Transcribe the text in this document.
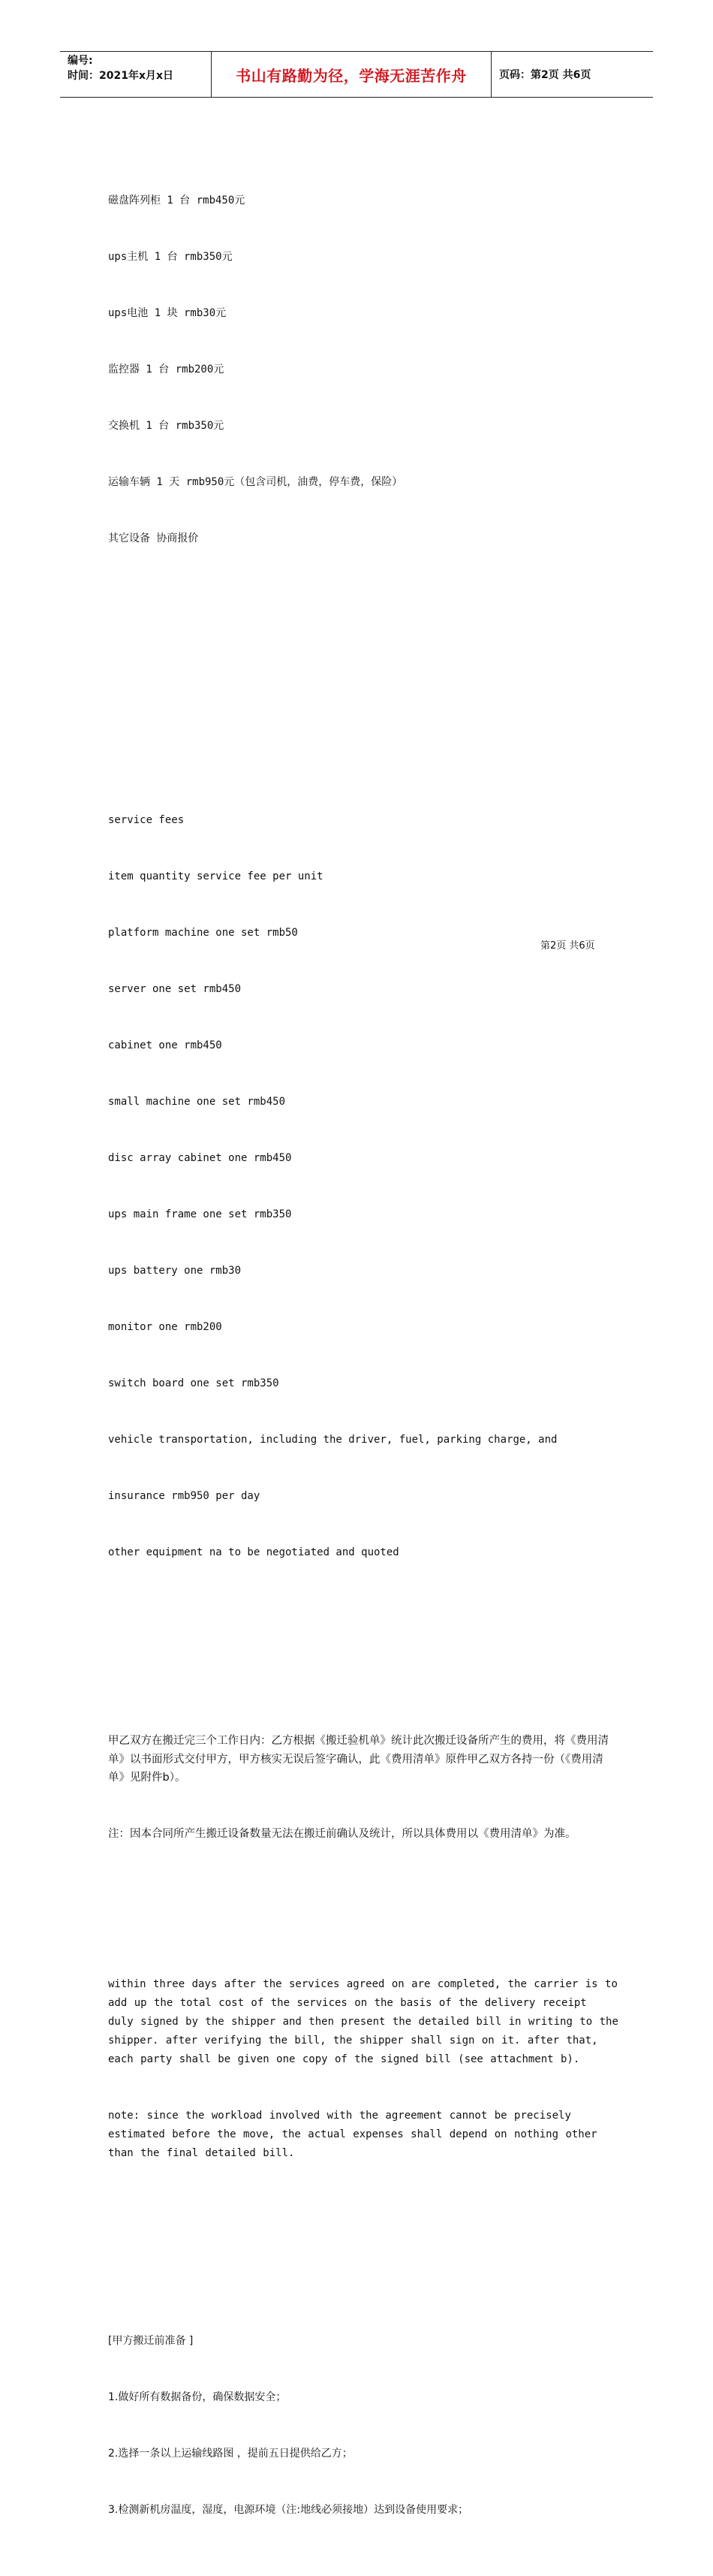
编号:
时间：2021年x月x日	书山有路勤为径，学海无涯苦作舟	页码：第2页 共6页

磁盘阵列柜 1 台 rmb450元

ups主机 1 台 rmb350元

ups电池 1 块 rmb30元

监控器 1 台 rmb200元

交换机 1 台 rmb350元

运输车辆 1 天 rmb950元（包含司机，油费，停车费，保险）

其它设备 协商报价

service fees

item quantity service fee per unit

platform machine one set rmb50

server one set rmb450

cabinet one rmb450

small machine one set rmb450

disc array cabinet one rmb450

ups main frame one set rmb350

ups battery one rmb30

monitor one rmb200

switch board one set rmb350

vehicle transportation, including the driver, fuel, parking charge, and

insurance rmb950 per day

other equipment na to be negotiated and quoted

甲乙双方在搬迁完三个工作日内：乙方根据《搬迁验机单》统计此次搬迁设备所产生的费用，将《费用清单》以书面形式交付甲方，甲方核实无误后签字确认，此《费用清单》原件甲乙双方各持一份（《费用清单》见附件b）。

注：因本合同所产生搬迁设备数量无法在搬迁前确认及统计，所以具体费用以《费用清单》为准。

within three days after the services agreed on are completed, the carrier is to add up the total cost of the services on the basis of the delivery receipt duly signed by the shipper and then present the detailed bill in writing to the shipper. after verifying the bill, the shipper shall sign on it. after that, each party shall be given one copy of the signed bill (see attachment b).

note: since the workload involved with the agreement cannot be precisely estimated before the move, the actual expenses shall depend on nothing other than the final detailed bill.

[甲方搬迁前准备 ]

1.做好所有数据备份，确保数据安全；

2.选择一条以上运输线路图 ，提前五日提供给乙方；

3.检测新机房温度，湿度，电源环境（注:地线必须接地）达到设备使用要求；

第2页 共6页
